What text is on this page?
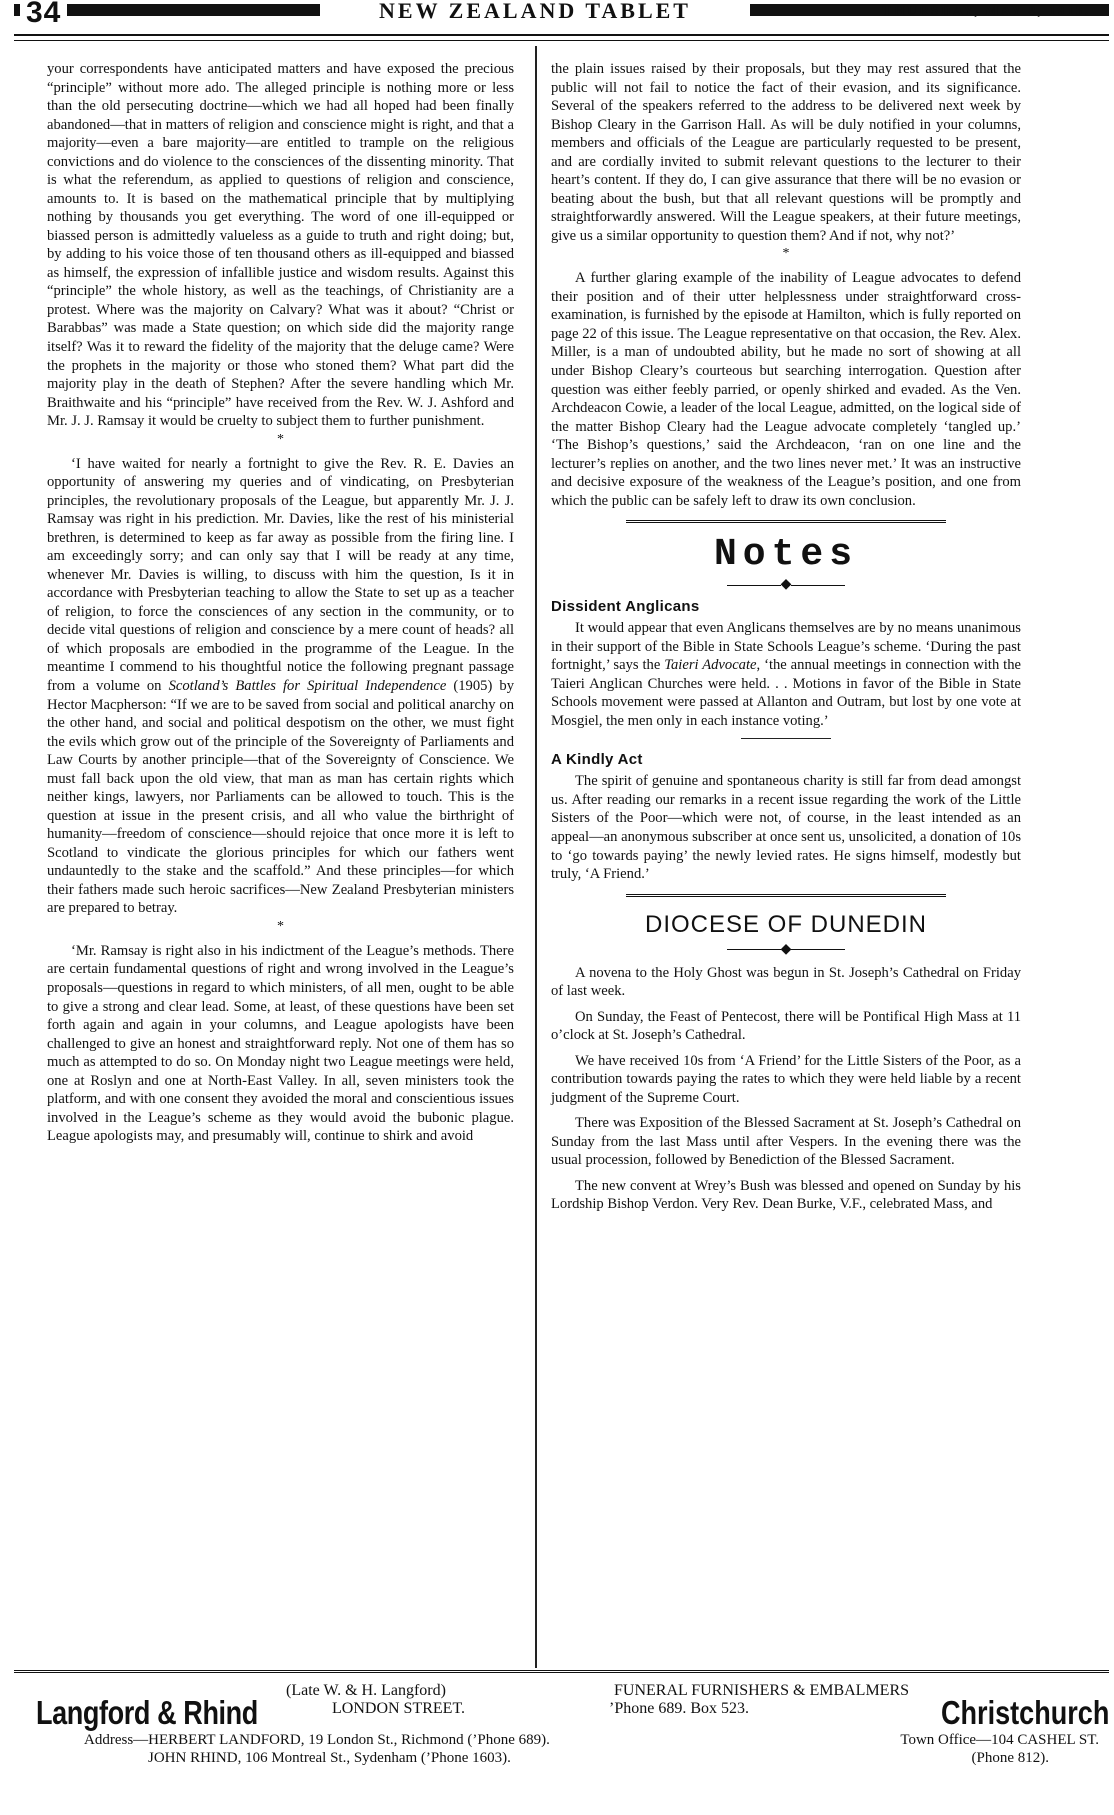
34	NEW ZEALAND TABLET	THURSDAY, MAY 8, 1913.

your correspondents have anticipated matters and have exposed the precious “principle” without more ado. The alleged principle is nothing more or less than the old persecuting doctrine—which we had all hoped had been finally abandoned—that in matters of religion and conscience might is right, and that a majority—even a bare majority—are entitled to trample on the religious convictions and do violence to the consciences of the dissenting minority. That is what the referendum, as applied to questions of religion and conscience, amounts to. It is based on the mathematical principle that by multiplying nothing by thousands you get everything. The word of one ill-equipped or biassed person is admittedly valueless as a guide to truth and right doing; but, by adding to his voice those of ten thousand others as ill-equipped and biassed as himself, the expression of infallible justice and wisdom results. Against this “principle” the whole history, as well as the teachings, of Christianity are a protest. Where was the majority on Calvary? What was it about? “Christ or Barabbas” was made a State question; on which side did the majority range itself? Was it to reward the fidelity of the majority that the deluge came? Were the prophets in the majority or those who stoned them? What part did the majority play in the death of Stephen? After the severe handling which Mr. Braithwaite and his “principle” have received from the Rev. W. J. Ashford and Mr. J. J. Ramsay it would be cruelty to subject them to further punishment.

*

‘I have waited for nearly a fortnight to give the Rev. R. E. Davies an opportunity of answering my queries and of vindicating, on Presbyterian principles, the revolutionary proposals of the League, but apparently Mr. J. J. Ramsay was right in his prediction. Mr. Davies, like the rest of his ministerial brethren, is determined to keep as far away as possible from the firing line. I am exceedingly sorry; and can only say that I will be ready at any time, whenever Mr. Davies is willing, to discuss with him the question, Is it in accordance with Presbyterian teaching to allow the State to set up as a teacher of religion, to force the consciences of any section in the community, or to decide vital questions of religion and conscience by a mere count of heads? all of which proposals are embodied in the programme of the League. In the meantime I commend to his thoughtful notice the following pregnant passage from a volume on Scotland’s Battles for Spiritual Independence (1905) by Hector Macpherson: “If we are to be saved from social and political anarchy on the other hand, and social and political despotism on the other, we must fight the evils which grow out of the principle of the Sovereignty of Parliaments and Law Courts by another principle—that of the Sovereignty of Conscience. We must fall back upon the old view, that man as man has certain rights which neither kings, lawyers, nor Parliaments can be allowed to touch. This is the question at issue in the present crisis, and all who value the birthright of humanity—freedom of conscience—should rejoice that once more it is left to Scotland to vindicate the glorious principles for which our fathers went undauntedly to the stake and the scaffold.” And these principles—for which their fathers made such heroic sacrifices—New Zealand Presbyterian ministers are prepared to betray.

*

‘Mr. Ramsay is right also in his indictment of the League’s methods. There are certain fundamental questions of right and wrong involved in the League’s proposals—questions in regard to which ministers, of all men, ought to be able to give a strong and clear lead. Some, at least, of these questions have been set forth again and again in your columns, and League apologists have been challenged to give an honest and straightforward reply. Not one of them has so much as attempted to do so. On Monday night two League meetings were held, one at Roslyn and one at North-East Valley. In all, seven ministers took the platform, and with one consent they avoided the moral and conscientious issues involved in the League’s scheme as they would avoid the bubonic plague. League apologists may, and presumably will, continue to shirk and avoid

the plain issues raised by their proposals, but they may rest assured that the public will not fail to notice the fact of their evasion, and its significance. Several of the speakers referred to the address to be delivered next week by Bishop Cleary in the Garrison Hall. As will be duly notified in your columns, members and officials of the League are particularly requested to be present, and are cordially invited to submit relevant questions to the lecturer to their heart’s content. If they do, I can give assurance that there will be no evasion or beating about the bush, but that all relevant questions will be promptly and straightforwardly answered. Will the League speakers, at their future meetings, give us a similar opportunity to question them? And if not, why not?’

*

A further glaring example of the inability of League advocates to defend their position and of their utter helplessness under straightforward cross-examination, is furnished by the episode at Hamilton, which is fully reported on page 22 of this issue. The League representative on that occasion, the Rev. Alex. Miller, is a man of undoubted ability, but he made no sort of showing at all under Bishop Cleary’s courteous but searching interrogation. Question after question was either feebly parried, or openly shirked and evaded. As the Ven. Archdeacon Cowie, a leader of the local League, admitted, on the logical side of the matter Bishop Cleary had the League advocate completely ‘tangled up.’ ‘The Bishop’s questions,’ said the Archdeacon, ‘ran on one line and the lecturer’s replies on another, and the two lines never met.’ It was an instructive and decisive exposure of the weakness of the League’s position, and one from which the public can be safely left to draw its own conclusion.

Notes
◆
Dissident Anglicans

It would appear that even Anglicans themselves are by no means unanimous in their support of the Bible in State Schools League’s scheme. ‘During the past fortnight,’ says the Taieri Advocate, ‘the annual meetings in connection with the Taieri Anglican Churches were held. . . Motions in favor of the Bible in State Schools movement were passed at Allanton and Outram, but lost by one vote at Mosgiel, the men only in each instance voting.’

A Kindly Act

The spirit of genuine and spontaneous charity is still far from dead amongst us. After reading our remarks in a recent issue regarding the work of the Little Sisters of the Poor—which were not, of course, in the least intended as an appeal—an anonymous subscriber at once sent us, unsolicited, a donation of 10s to ‘go towards paying’ the newly levied rates. He signs himself, modestly but truly, ‘A Friend.’

DIOCESE OF DUNEDIN
◆

A novena to the Holy Ghost was begun in St. Joseph’s Cathedral on Friday of last week.

On Sunday, the Feast of Pentecost, there will be Pontifical High Mass at 11 o’clock at St. Joseph’s Cathedral.

We have received 10s from ‘A Friend’ for the Little Sisters of the Poor, as a contribution towards paying the rates to which they were held liable by a recent judgment of the Supreme Court.

There was Exposition of the Blessed Sacrament at St. Joseph’s Cathedral on Sunday from the last Mass until after Vespers. In the evening there was the usual procession, followed by Benediction of the Blessed Sacrament.

The new convent at Wrey’s Bush was blessed and opened on Sunday by his Lordship Bishop Verdon. Very Rev. Dean Burke, V.F., celebrated Mass, and

Langford & Rhind
(Late W. & H. Langford)
LONDON STREET.
FUNERAL FURNISHERS & EMBALMERS
’Phone 689. Box 523.	Christchurch
Address—HERBERT LANDFORD, 19 London St., Richmond (’Phone 689).
JOHN RHIND, 106 Montreal St., Sydenham (’Phone 1603).
Town Office—104 CASHEL ST.
(Phone 812).
